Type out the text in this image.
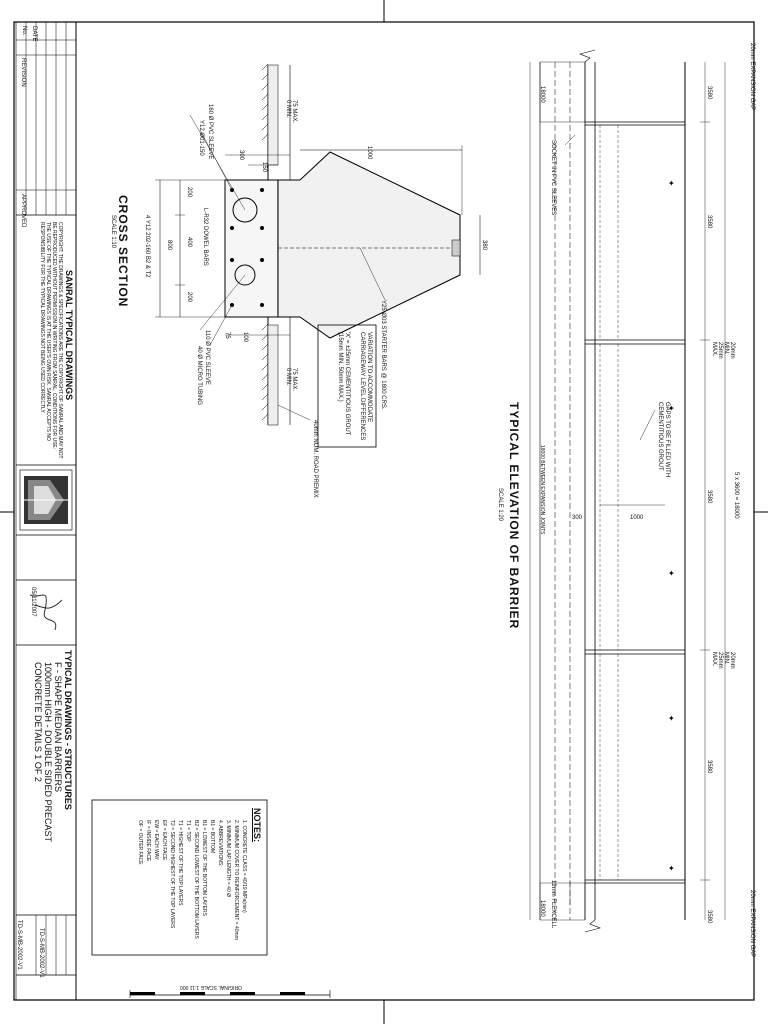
✦
✦
✦
✦
✦
No. DATE
APPROVED
REVISION
SANRAL TYPICAL DRAWINGS
COPYRIGHT: THE DRAWINGS & SPECIFICATIONS ARE THE COPYRIGHT OF SANRAL AND MAY NOT BE REPRODUCED WITHOUT PERMISSION IN WRITING FROM SANRAL. CONDITIONS FOR USE: THE USE OF THE TYPICAL DRAWINGS IS AT THE USER'S OWN RISK. SANRAL ACCEPTS NO RESPONSIBILITY FOR THE TYPICAL DRAWINGS NOT BEING USED CORRECTLY.
05/11/2007
TYPICAL DRAWINGS - STRUCTURES
F - SHAPE MEDIAN BARRIERS
1000mm HIGH - DOUBLE SIDED PRECAST
CONCRETE DETAILS 1 OF 2
TD-S-MB-2002-V1
TD-S-MB-2002-V1
ORIGINAL SCALE 1:11 000
CROSS SECTION
SCALE 1:10
1000
300
150
200
400
200
800	380
75 100
160 Ø PVC SLEEVE
Y12 Ø01-150
L-R32 DOWEL BARS
4 Y12 202-160 B2 & T2
Y25 Ø03 STARTER BARS @ 1800 CRS.
110 Ø PVC SLEEVE
40 Ø MICRO TUBING
40mm NOM. ROAD PREMIX
75 MAX. 0 MIN.
75 MAX. 0 MIN.	VARIATION TO ACCOMMODATE CARRIAGEWAY LEVEL DIFFERENCES
'X' = ±25mm CEMENTITIOUS GROUT (15mm MIN. 50mm MAX.)
TYPICAL ELEVATION OF BARRIER
SCALE 1:20
20mm EXPANSION GAP
20mm EXPANSION GAP
20mm MIN. 25mm MAX.
20mm MIN. 25mm MAX.
SOCKET IN PVC SLEEVES
GAPS TO BE FILLED WITH CEMENTITIOUS GROUT
12mm FLEXCELL
18000 BETWEEN EXPANSION JOINTS	5 x 3600 = 18000
3580
3580
3580
3580
3580
18000
18000
300	1000
NOTES:
1. CONCRETE CLASS = 40/19 MPa(min)
2. MINIMUM COVER TO REINFORCEMENT = 40mm
3. MINIMUM LAP LENGTH = 40 Ø
4. ABBREVIATIONS:
B1 = BOTTOM
B1 = LOWEST OF THE BOTTOM LAYERS
B2 = SECOND LOWEST OF THE BOTTOM LAYERS
T1 = TOP
T1 = HIGHEST OF THE TOP LAYERS
T2 = SECOND HIGHEST OF THE TOP LAYERS
EF = EACH FACE
EW = EACH WAY
IF = INSIDE FACE
OF = OUTER FACE
